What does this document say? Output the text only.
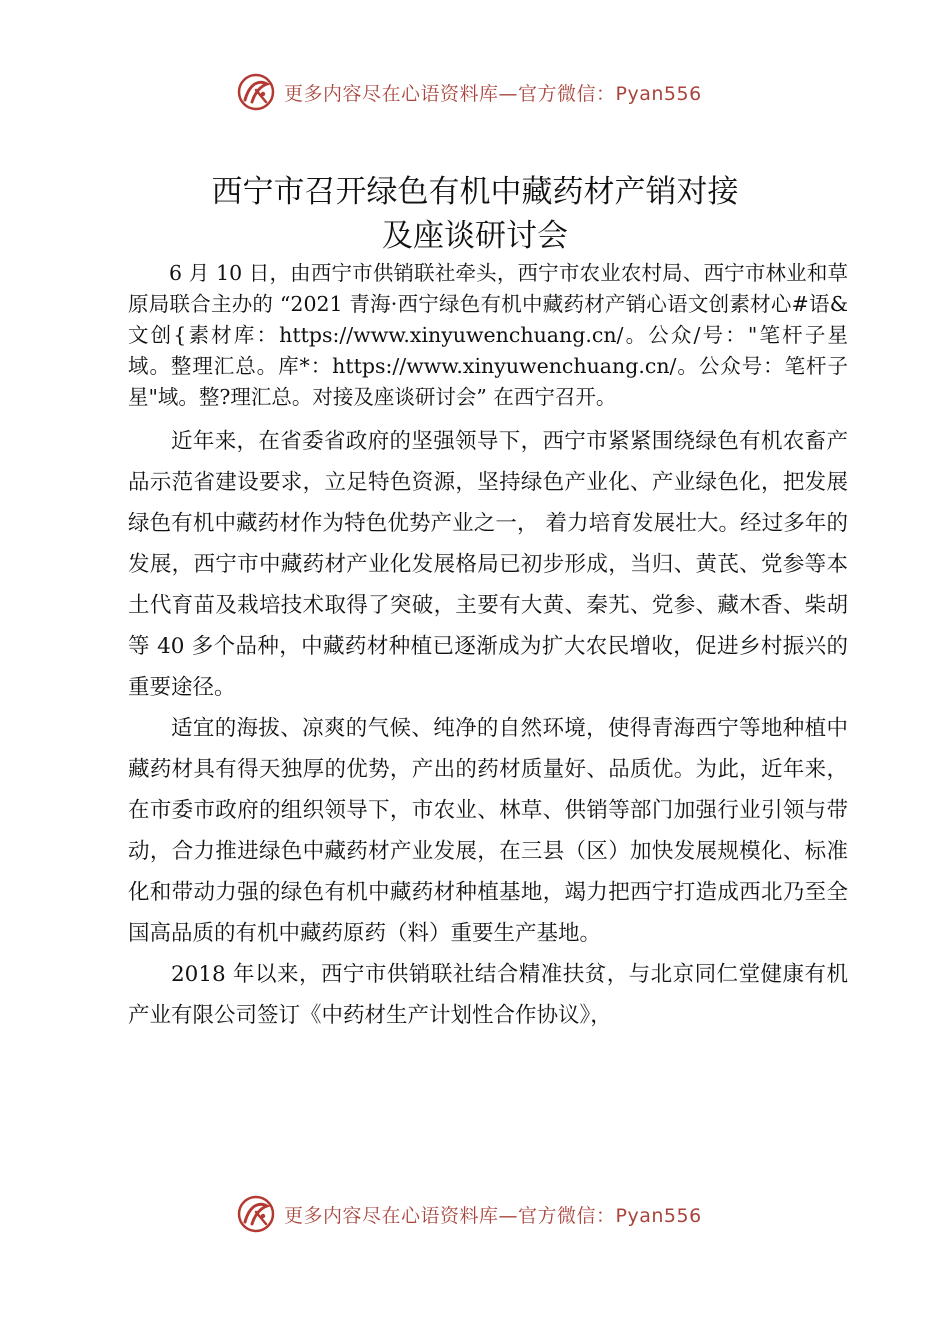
更多内容尽在心语资料库—官方微信：Pyan556
西宁市召开绿色有机中藏药材产销对接
及座谈研讨会

6 月 10 日，由西宁市供销联社牵头，西宁市农业农村局、西宁市林业和草原局联合主办的 “2021 青海·西宁绿色有机中藏药材产销心语文创素材心#语&文创{素材库：https://www.xinyuwenchuang.cn/。公众/号："笔杆子星域。整理汇总。库*：https://www.xinyuwenchuang.cn/。公众号：笔杆子星"域。整?理汇总。对接及座谈研讨会” 在西宁召开。

近年来，在省委省政府的坚强领导下，西宁市紧紧围绕绿色有机农畜产品示范省建设要求，立足特色资源，坚持绿色产业化、产业绿色化，把发展绿色有机中藏药材作为特色优势产业之一， 着力培育发展壮大。经过多年的发展，西宁市中藏药材产业化发展格局已初步形成，当归、黄芪、党参等本土代育苗及栽培技术取得了突破，主要有大黄、秦艽、党参、藏木香、柴胡等 40 多个品种，中藏药材种植已逐渐成为扩大农民增收，促进乡村振兴的重要途径。

适宜的海拔、凉爽的气候、纯净的自然环境，使得青海西宁等地种植中藏药材具有得天独厚的优势，产出的药材质量好、品质优。为此，近年来，在市委市政府的组织领导下，市农业、林草、供销等部门加强行业引领与带动，合力推进绿色中藏药材产业发展，在三县（区）加快发展规模化、标准化和带动力强的绿色有机中藏药材种植基地，竭力把西宁打造成西北乃至全国高品质的有机中藏药原药（料）重要生产基地。

2018 年以来，西宁市供销联社结合精准扶贫，与北京同仁堂健康有机产业有限公司签订《中药材生产计划性合作协议》，

更多内容尽在心语资料库—官方微信：Pyan556
